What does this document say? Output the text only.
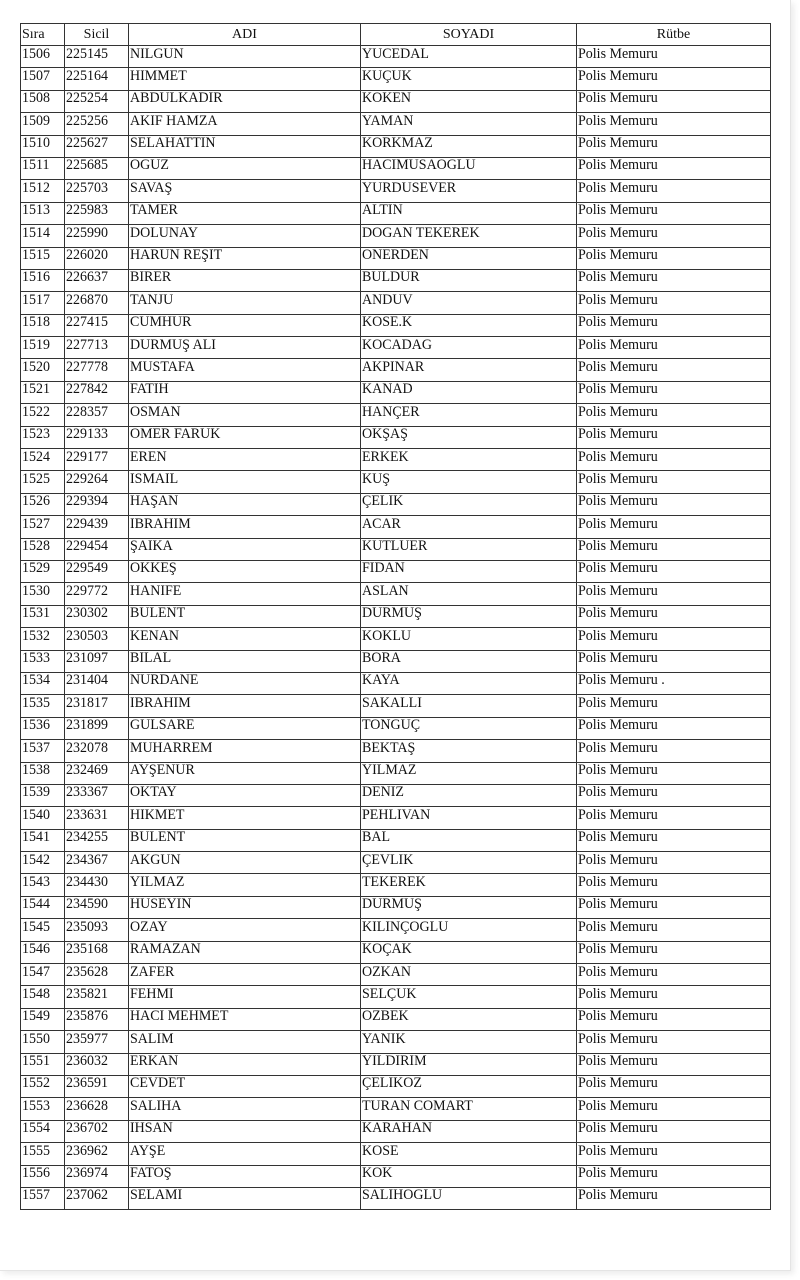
Sıra	Sicil	ADI	SOYADI	Rütbe
1506	225145	NILGUN	YUCEDAL	Polis Memuru
1507	225164	HIMMET	KUÇUK	Polis Memuru
1508	225254	ABDULKADIR	KOKEN	Polis Memuru
1509	225256	AKIF HAMZA	YAMAN	Polis Memuru
1510	225627	SELAHATTIN	KORKMAZ	Polis Memuru
1511	225685	OGUZ	HACIMUSAOGLU	Polis Memuru
1512	225703	SAVAŞ	YURDUSEVER	Polis Memuru
1513	225983	TAMER	ALTIN	Polis Memuru
1514	225990	DOLUNAY	DOGAN TEKEREK	Polis Memuru
1515	226020	HARUN REŞIT	ONERDEN	Polis Memuru
1516	226637	BIRER	BULDUR	Polis Memuru
1517	226870	TANJU	ANDUV	Polis Memuru
1518	227415	CUMHUR	KOSE.K	Polis Memuru
1519	227713	DURMUŞ ALI	KOCADAG	Polis Memuru
1520	227778	MUSTAFA	AKPINAR	Polis Memuru
1521	227842	FATIH	KANAD	Polis Memuru
1522	228357	OSMAN	HANÇER	Polis Memuru
1523	229133	OMER FARUK	OKŞAŞ	Polis Memuru
1524	229177	EREN	ERKEK	Polis Memuru
1525	229264	ISMAIL	KUŞ	Polis Memuru
1526	229394	HAŞAN	ÇELIK	Polis Memuru
1527	229439	IBRAHIM	ACAR	Polis Memuru
1528	229454	ŞAIKA	KUTLUER	Polis Memuru
1529	229549	OKKEŞ	FIDAN	Polis Memuru
1530	229772	HANIFE	ASLAN	Polis Memuru
1531	230302	BULENT	DURMUŞ	Polis Memuru
1532	230503	KENAN	KOKLU	Polis Memuru
1533	231097	BILAL	BORA	Polis Memuru
1534	231404	NURDANE	KAYA	Polis Memuru .
1535	231817	IBRAHIM	SAKALLI	Polis Memuru
1536	231899	GULSARE	TONGUÇ	Polis Memuru
1537	232078	MUHARREM	BEKTAŞ	Polis Memuru
1538	232469	AYŞENUR	YILMAZ	Polis Memuru
1539	233367	OKTAY	DENIZ	Polis Memuru
1540	233631	HIKMET	PEHLIVAN	Polis Memuru
1541	234255	BULENT	BAL	Polis Memuru
1542	234367	AKGUN	ÇEVLIK	Polis Memuru
1543	234430	YILMAZ	TEKEREK	Polis Memuru
1544	234590	HUSEYIN	DURMUŞ	Polis Memuru
1545	235093	OZAY	KILINÇOGLU	Polis Memuru
1546	235168	RAMAZAN	KOÇAK	Polis Memuru
1547	235628	ZAFER	OZKAN	Polis Memuru
1548	235821	FEHMI	SELÇUK	Polis Memuru
1549	235876	HACI MEHMET	OZBEK	Polis Memuru
1550	235977	SALIM	YANIK	Polis Memuru
1551	236032	ERKAN	YILDIRIM	Polis Memuru
1552	236591	CEVDET	ÇELIKOZ	Polis Memuru
1553	236628	SALIHA	TURAN COMART	Polis Memuru
1554	236702	IHSAN	KARAHAN	Polis Memuru
1555	236962	AYŞE	KOSE	Polis Memuru
1556	236974	FATOŞ	KOK	Polis Memuru
1557	237062	SELAMI	SALIHOGLU	Polis Memuru
